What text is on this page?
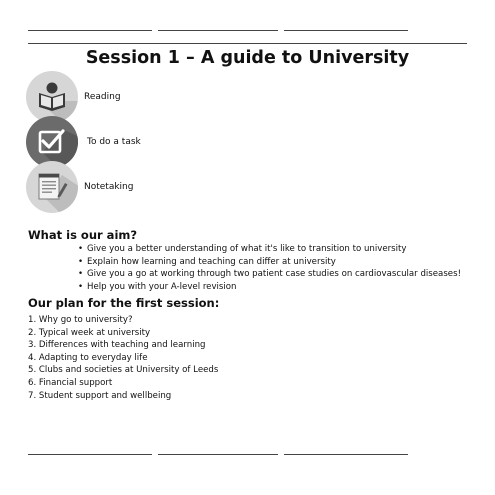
Session 1 – A guide to University
Reading
To do a task
Notetaking
What is our aim?
• Give you a better understanding of what it's like to transition to university
• Explain how learning and teaching can differ at university
• Give you a go at working through two patient case studies on cardiovascular diseases!
• Help you with your A-level revision
Our plan for the first session:
1. Why go to university?
2. Typical week at university
3. Differences with teaching and learning
4. Adapting to everyday life
5. Clubs and societies at University of Leeds
6. Financial support
7. Student support and wellbeing
